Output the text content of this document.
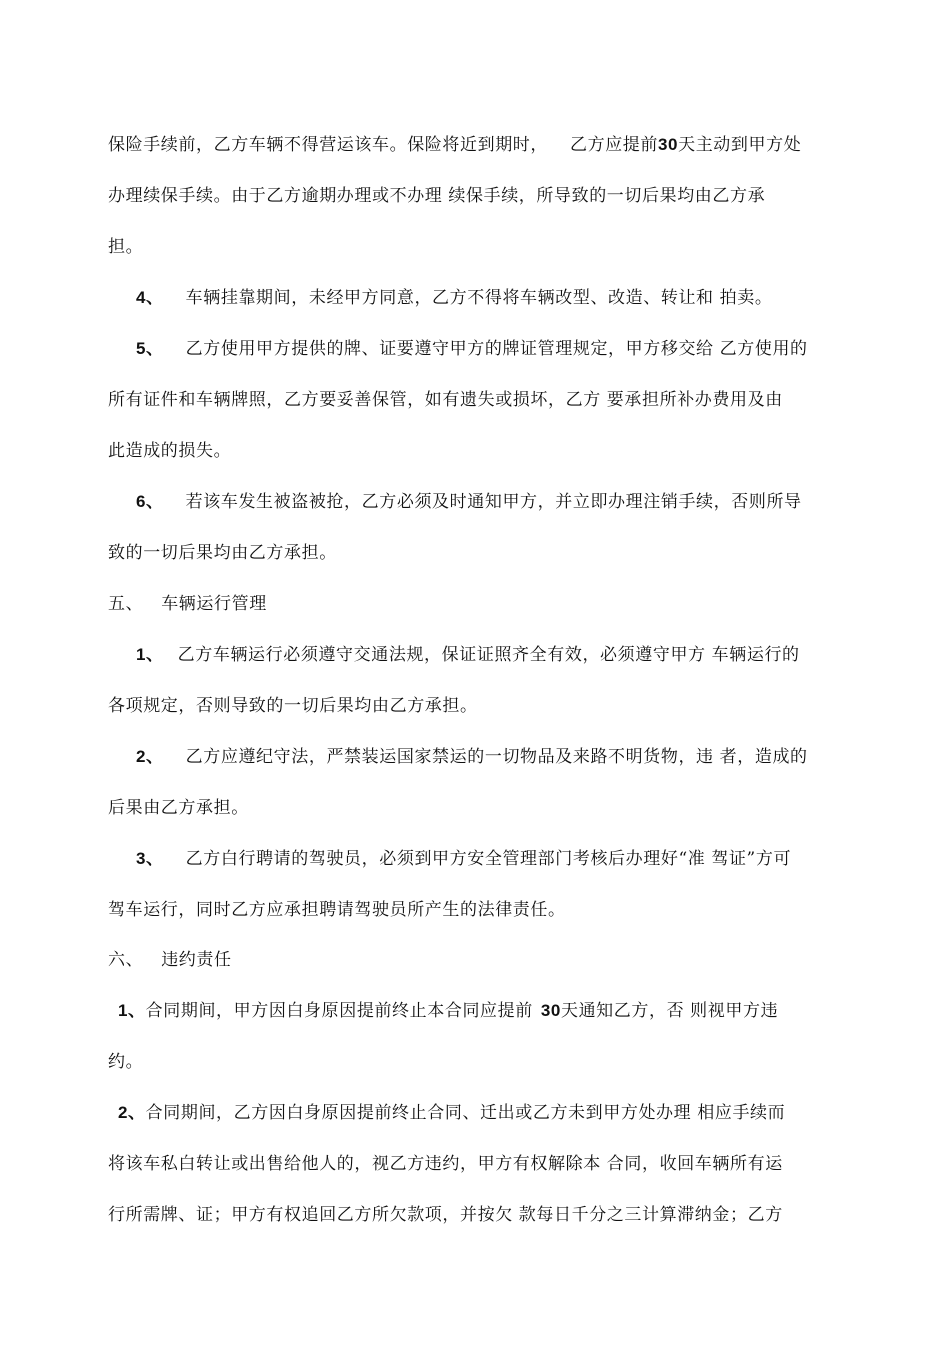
保险手续前，乙方车辆不得营运该车。保险将近到期时， 乙方应提前30天主动到甲方处
办理续保手续。由于乙方逾期办理或不办理 续保手续，所导致的一切后果均由乙方承
担。
4、 车辆挂靠期间，未经甲方同意，乙方不得将车辆改型、改造、转让和 拍卖。
5、 乙方使用甲方提供的牌、证要遵守甲方的牌证管理规定，甲方移交给 乙方使用的
所有证件和车辆牌照，乙方要妥善保管，如有遗失或损坏，乙方 要承担所补办费用及由
此造成的损失。
6、 若该车发生被盗被抢，乙方必须及时通知甲方，并立即办理注销手续，否则所导
致的一切后果均由乙方承担。
五、 车辆运行管理
1、 乙方车辆运行必须遵守交通法规，保证证照齐全有效，必须遵守甲方 车辆运行的
各项规定，否则导致的一切后果均由乙方承担。
2、 乙方应遵纪守法，严禁装运国家禁运的一切物品及来路不明货物，违 者，造成的
后果由乙方承担。
3、 乙方白行聘请的驾驶员，必须到甲方安全管理部门考核后办理好“准 驾证”方可
驾车运行，同时乙方应承担聘请驾驶员所产生的法律责任。
六、 违约责任
1、合同期间，甲方因白身原因提前终止本合同应提前 30天通知乙方，否 则视甲方违
约。
2、合同期间，乙方因白身原因提前终止合同、迁出或乙方未到甲方处办理 相应手续而
将该车私白转让或出售给他人的，视乙方违约，甲方有权解除本 合同，收回车辆所有运
行所需牌、证；甲方有权追回乙方所欠款项，并按欠 款每日千分之三计算滞纳金；乙方
